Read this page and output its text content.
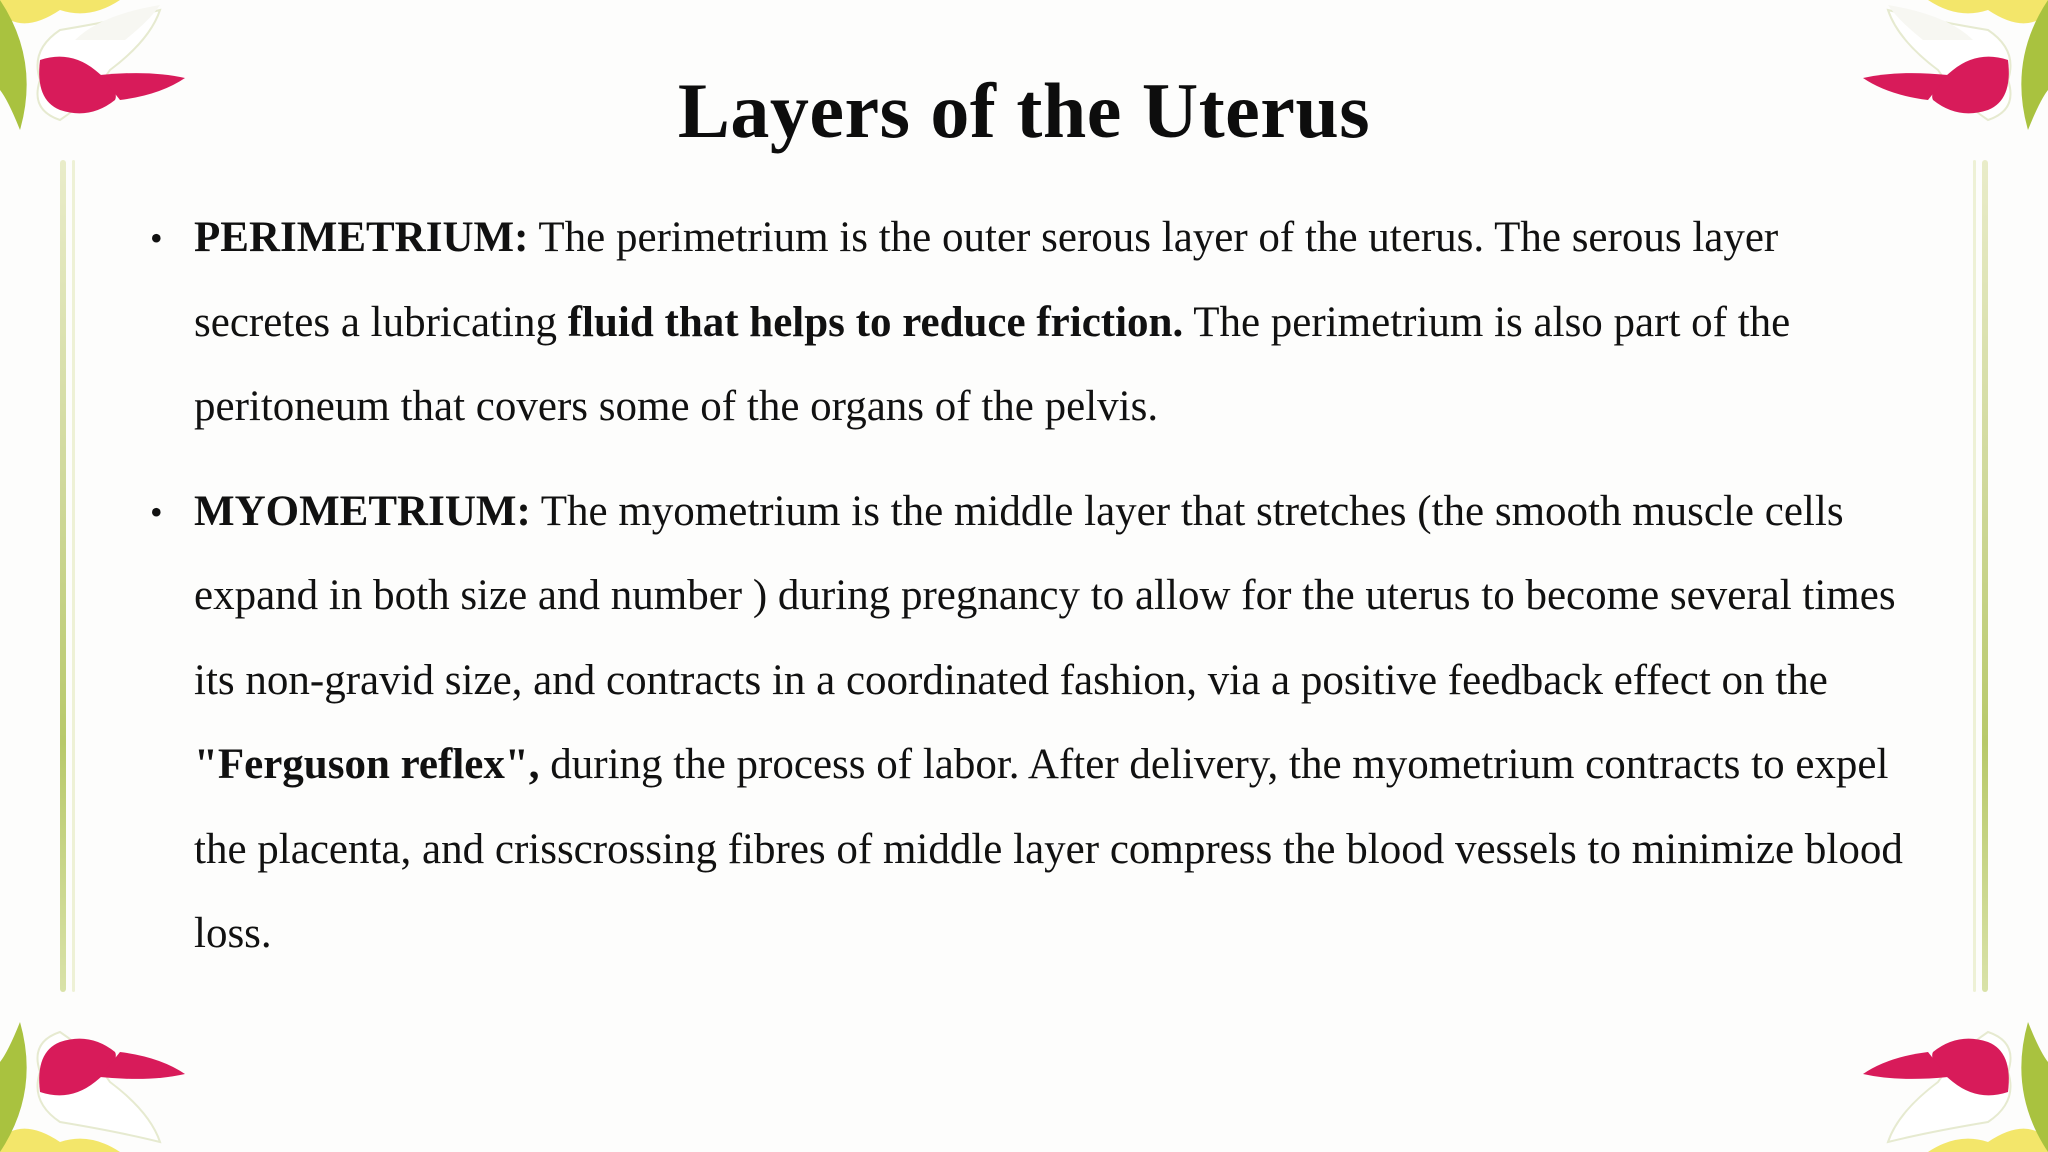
Layers of the Uterus
• PERIMETRIUM: The perimetrium is the outer serous layer of the uterus. The serous layer secretes a lubricating fluid that helps to reduce friction. The perimetrium is also part of the peritoneum that covers some of the organs of the pelvis.
• MYOMETRIUM: The myometrium is the middle layer that stretches (the smooth muscle cells expand in both size and number ) during pregnancy to allow for the uterus to become several times its non-gravid size, and contracts in a coordinated fashion, via a positive feedback effect on the "Ferguson reflex", during the process of labor. After delivery, the myometrium contracts to expel the placenta, and crisscrossing fibres of middle layer compress the blood vessels to minimize blood loss.
